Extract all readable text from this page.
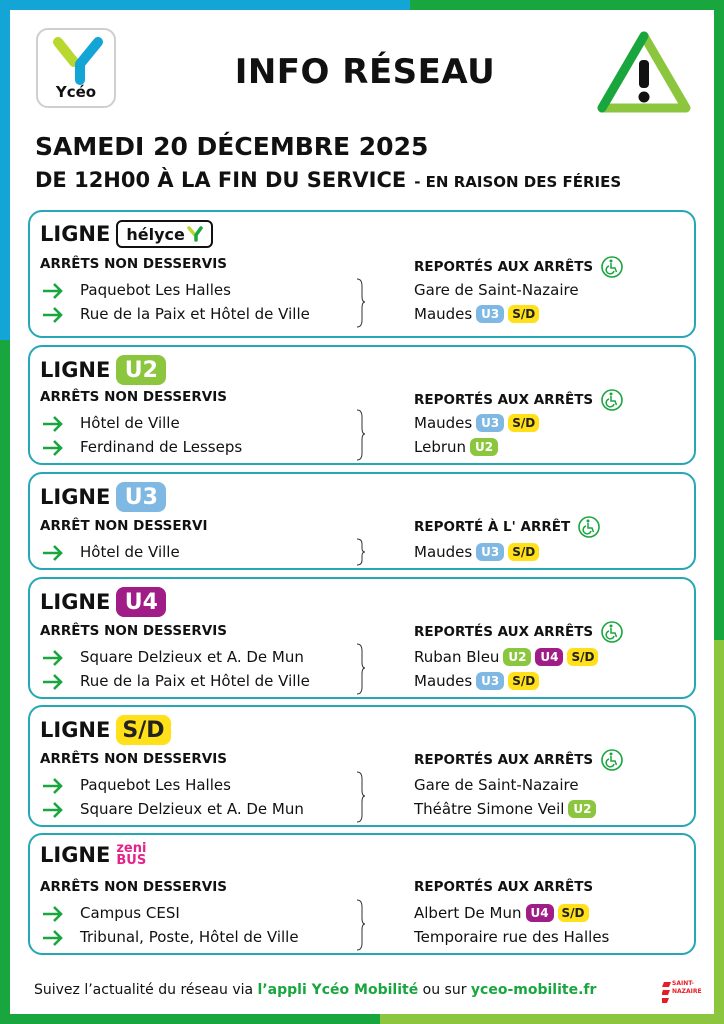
Ycéo	INFO RÉSEAU
SAMEDI 20 DÉCEMBRE 2025
DE 12H00 À LA FIN DU SERVICE - EN RAISON DES FÉRIES
LIGNE hélyce
ARRÊTS NON DESSERVIS	REPORTÉS AUX ARRÊTS
Paquebot Les Halles	Gare de Saint-Nazaire
Rue de la Paix et Hôtel de Ville	Maudes U3	S/D
LIGNE U2
ARRÊTS NON DESSERVIS	REPORTÉS AUX ARRÊTS
Hôtel de Ville	Maudes U3	S/D
Ferdinand de Lesseps	Lebrun U2
LIGNE U3
ARRÊT NON DESSERVI	REPORTÉ À L' ARRÊT
Hôtel de Ville	Maudes U3	S/D
LIGNE U4
ARRÊTS NON DESSERVIS	REPORTÉS AUX ARRÊTS
Square Delzieux et A. De Mun	Ruban Bleu U2	U4	S/D
Rue de la Paix et Hôtel de Ville	Maudes U3	S/D
LIGNE S/D
ARRÊTS NON DESSERVIS	REPORTÉS AUX ARRÊTS
Paquebot Les Halles	Gare de Saint-Nazaire
Square Delzieux et A. De Mun	Théâtre Simone Veil U2
LIGNE zeni
BUS
ARRÊTS NON DESSERVIS	REPORTÉS AUX ARRÊTS
Campus CESI	Albert De Mun U4	S/D
Tribunal, Poste, Hôtel de Ville	Temporaire rue des Halles
Suivez l’actualité du réseau via l’appli Ycéo Mobilité ou sur yceo-mobilite.fr	SAINT-
NAZAIRE
